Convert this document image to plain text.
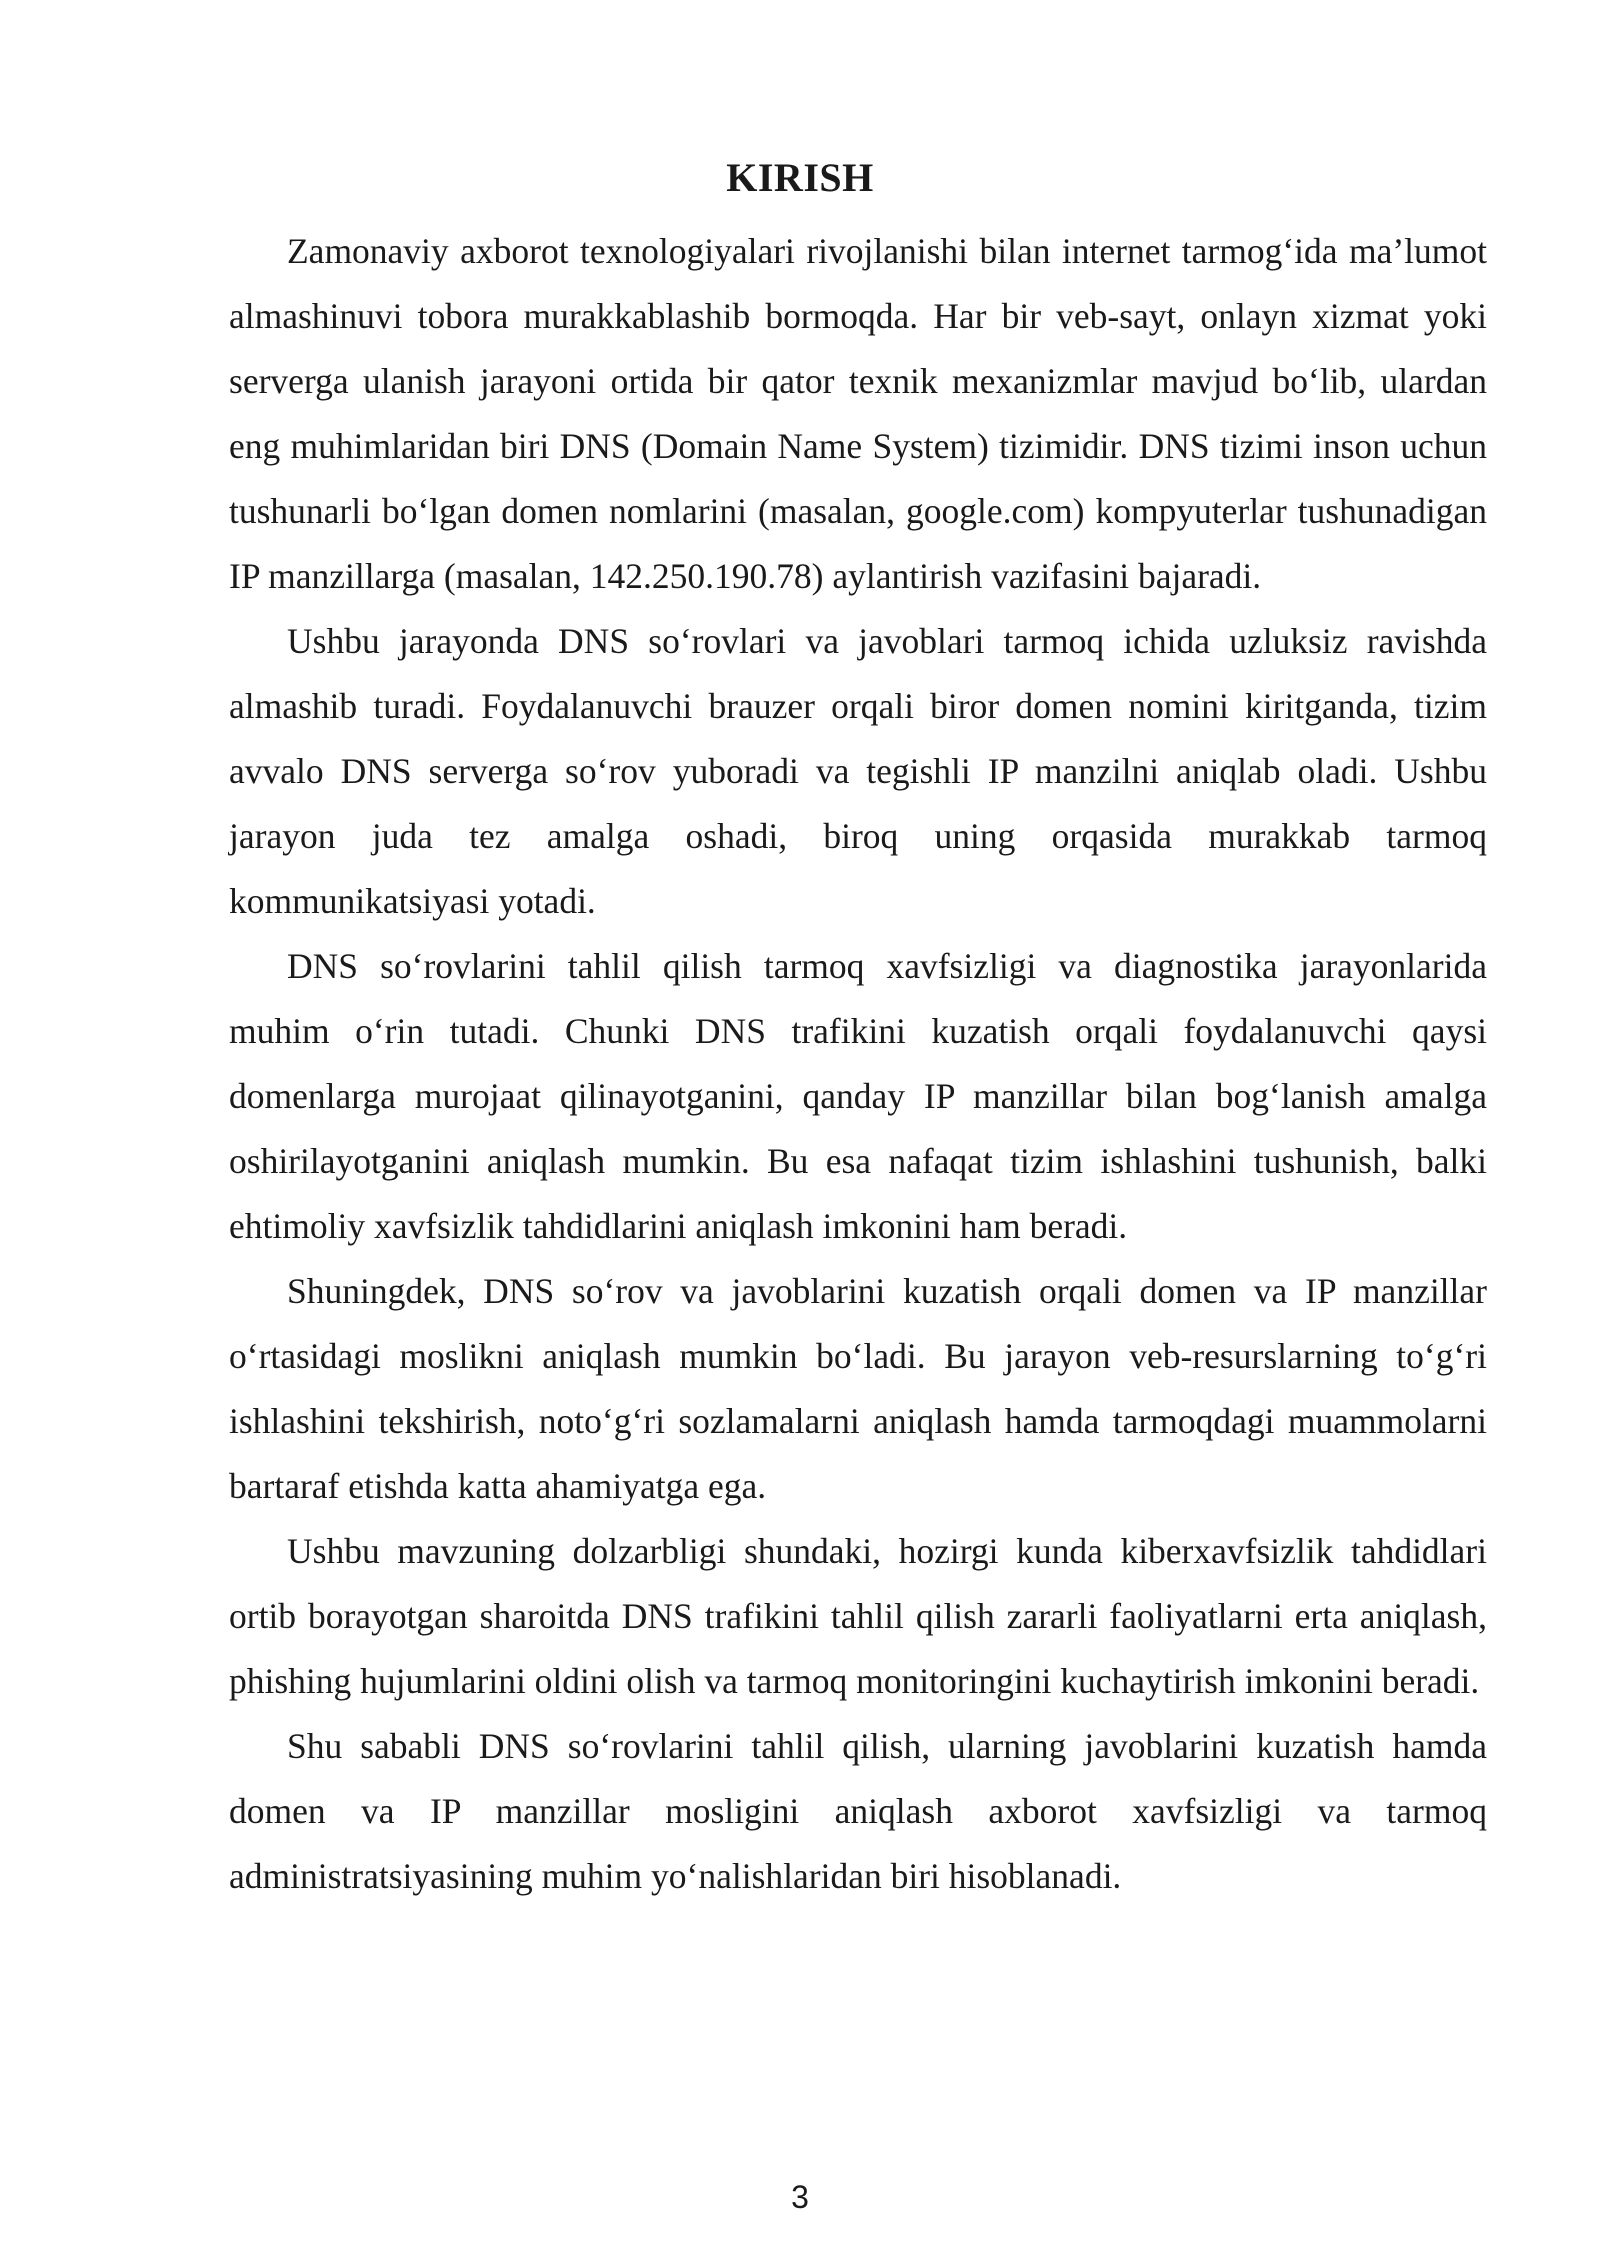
KIRISH

Zamonaviy axborot texnologiyalari rivojlanishi bilan internet tarmog‘ida ma’lumot almashinuvi tobora murakkablashib bormoqda. Har bir veb-sayt, onlayn xizmat yoki serverga ulanish jarayoni ortida bir qator texnik mexanizmlar mavjud bo‘lib, ulardan eng muhimlaridan biri DNS (Domain Name System) tizimidir. DNS tizimi inson uchun tushunarli bo‘lgan domen nomlarini (masalan, google.com) kompyuterlar tushunadigan IP manzillarga (masalan, 142.250.190.78) aylantirish vazifasini bajaradi.

Ushbu jarayonda DNS so‘rovlari va javoblari tarmoq ichida uzluksiz ravishda almashib turadi. Foydalanuvchi brauzer orqali biror domen nomini kiritganda, tizim avvalo DNS serverga so‘rov yuboradi va tegishli IP manzilni aniqlab oladi. Ushbu jarayon juda tez amalga oshadi, biroq uning orqasida murakkab tarmoq kommunikatsiyasi yotadi.

DNS so‘rovlarini tahlil qilish tarmoq xavfsizligi va diagnostika jarayonlarida muhim o‘rin tutadi. Chunki DNS trafikini kuzatish orqali foydalanuvchi qaysi domenlarga murojaat qilinayotganini, qanday IP manzillar bilan bog‘lanish amalga oshirilayotganini aniqlash mumkin. Bu esa nafaqat tizim ishlashini tushunish, balki ehtimoliy xavfsizlik tahdidlarini aniqlash imkonini ham beradi.

Shuningdek, DNS so‘rov va javoblarini kuzatish orqali domen va IP manzillar o‘rtasidagi moslikni aniqlash mumkin bo‘ladi. Bu jarayon veb-resurslarning to‘g‘ri ishlashini tekshirish, noto‘g‘ri sozlamalarni aniqlash hamda tarmoqdagi muammolarni bartaraf etishda katta ahamiyatga ega.

Ushbu mavzuning dolzarbligi shundaki, hozirgi kunda kiberxavfsizlik tahdidlari ortib borayotgan sharoitda DNS trafikini tahlil qilish zararli faoliyatlarni erta aniqlash, phishing hujumlarini oldini olish va tarmoq monitoringini kuchaytirish imkonini beradi.

Shu sababli DNS so‘rovlarini tahlil qilish, ularning javoblarini kuzatish hamda domen va IP manzillar mosligini aniqlash axborot xavfsizligi va tarmoq administratsiyasining muhim yo‘nalishlaridan biri hisoblanadi.

3
